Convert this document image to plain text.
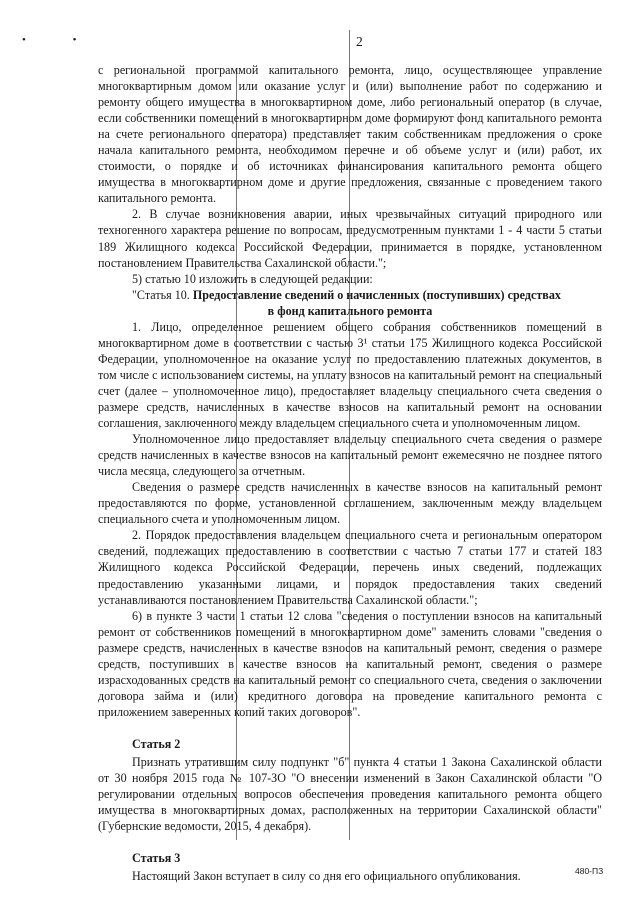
• •	2

с региональной программой капитального ремонта, лицо, осуществляющее управление многоквартирным домом или оказание услуг и (или) выполнение работ по содержанию и ремонту общего имущества в многоквартирном доме, либо региональный оператор (в случае, если собственники помещений в многоквартирном доме формируют фонд капитального ремонта на счете регионального оператора) представляет таким собственникам предложения о сроке начала капитального ремонта, необходимом перечне и об объеме услуг и (или) работ, их стоимости, о порядке и об источниках финансирования капитального ремонта общего имущества в многоквартирном доме и другие предложения, связанные с проведением такого капитального ремонта.

2. В случае возникновения аварии, иных чрезвычайных ситуаций природного или техногенного характера решение по вопросам, предусмотренным пунктами 1 - 4 части 5 статьи 189 Жилищного кодекса Российской Федерации, принимается в порядке, установленном постановлением Правительства Сахалинской области.";

5) статью 10 изложить в следующей редакции:

"Статья 10. Предоставление сведений о начисленных (поступивших) средствах

в фонд капитального ремонта

1. Лицо, определенное решением общего собрания собственников помещений в многоквартирном доме в соответствии с частью 3¹ статьи 175 Жилищного кодекса Российской Федерации, уполномоченное на оказание услуг по предоставлению платежных документов, в том числе с использованием системы, на уплату взносов на капитальный ремонт на специальный счет (далее – уполномоченное лицо), предоставляет владельцу специального счета сведения о размере средств, начисленных в качестве взносов на капитальный ремонт на основании соглашения, заключенного между владельцем специального счета и уполномоченным лицом.

Уполномоченное лицо предоставляет владельцу специального счета сведения о размере средств начисленных в качестве взносов на капитальный ремонт ежемесячно не позднее пятого числа месяца, следующего за отчетным.

Сведения о размере средств начисленных в качестве взносов на капитальный ремонт предоставляются по форме, установленной соглашением, заключенным между владельцем специального счета и уполномоченным лицом.

2. Порядок предоставления владельцем специального счета и региональным оператором сведений, подлежащих предоставлению в соответствии с частью 7 статьи 177 и статей 183 Жилищного кодекса Российской Федерации, перечень иных сведений, подлежащих предоставлению указанными лицами, и порядок предоставления таких сведений устанавливаются постановлением Правительства Сахалинской области.";

6) в пункте 3 части 1 статьи 12 слова "сведения о поступлении взносов на капитальный ремонт от собственников помещений в многоквартирном доме" заменить словами "сведения о размере средств, начисленных в качестве взносов на капитальный ремонт, сведения о размере средств, поступивших в качестве взносов на капитальный ремонт, сведения о размере израсходованных средств на капитальный ремонт со специального счета, сведения о заключении договора займа и (или) кредитного договора на проведение капитального ремонта с приложением заверенных копий таких договоров".

Статья 2

Признать утратившим силу подпункт "б" пункта 4 статьи 1 Закона Сахалинской области от 30 ноября 2015 года № 107-ЗО "О внесении изменений в Закон Сахалинской области "О регулировании отдельных вопросов обеспечения проведения капитального ремонта общего имущества в многоквартирных домах, расположенных на территории Сахалинской области" (Губернские ведомости, 2015, 4 декабря).

Статья 3

Настоящий Закон вступает в силу со дня его официального опубликования.	480-ПЗ
